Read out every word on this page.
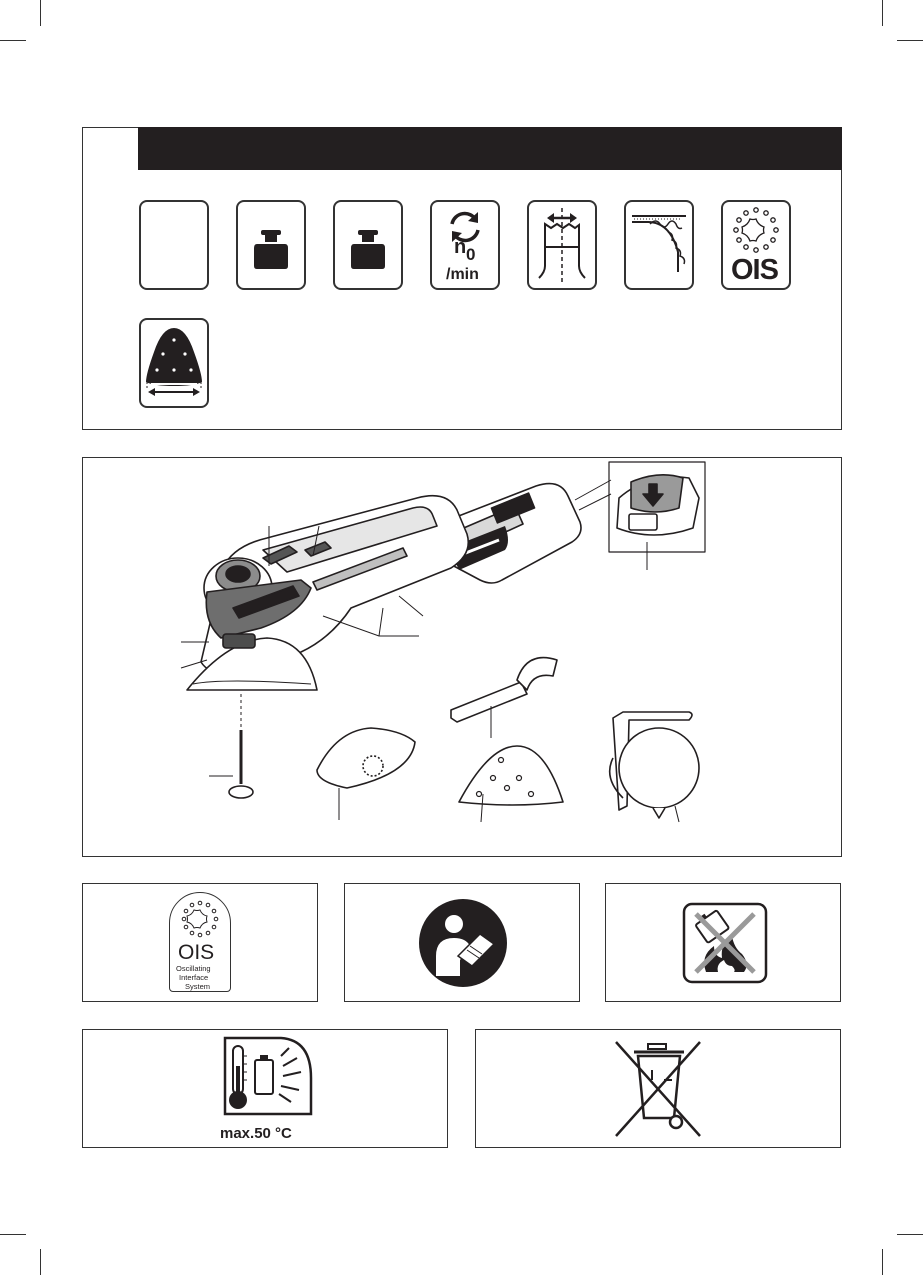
n 0
/min	OIS
OIS
Oscillating
Interface
System
max.50 °C
